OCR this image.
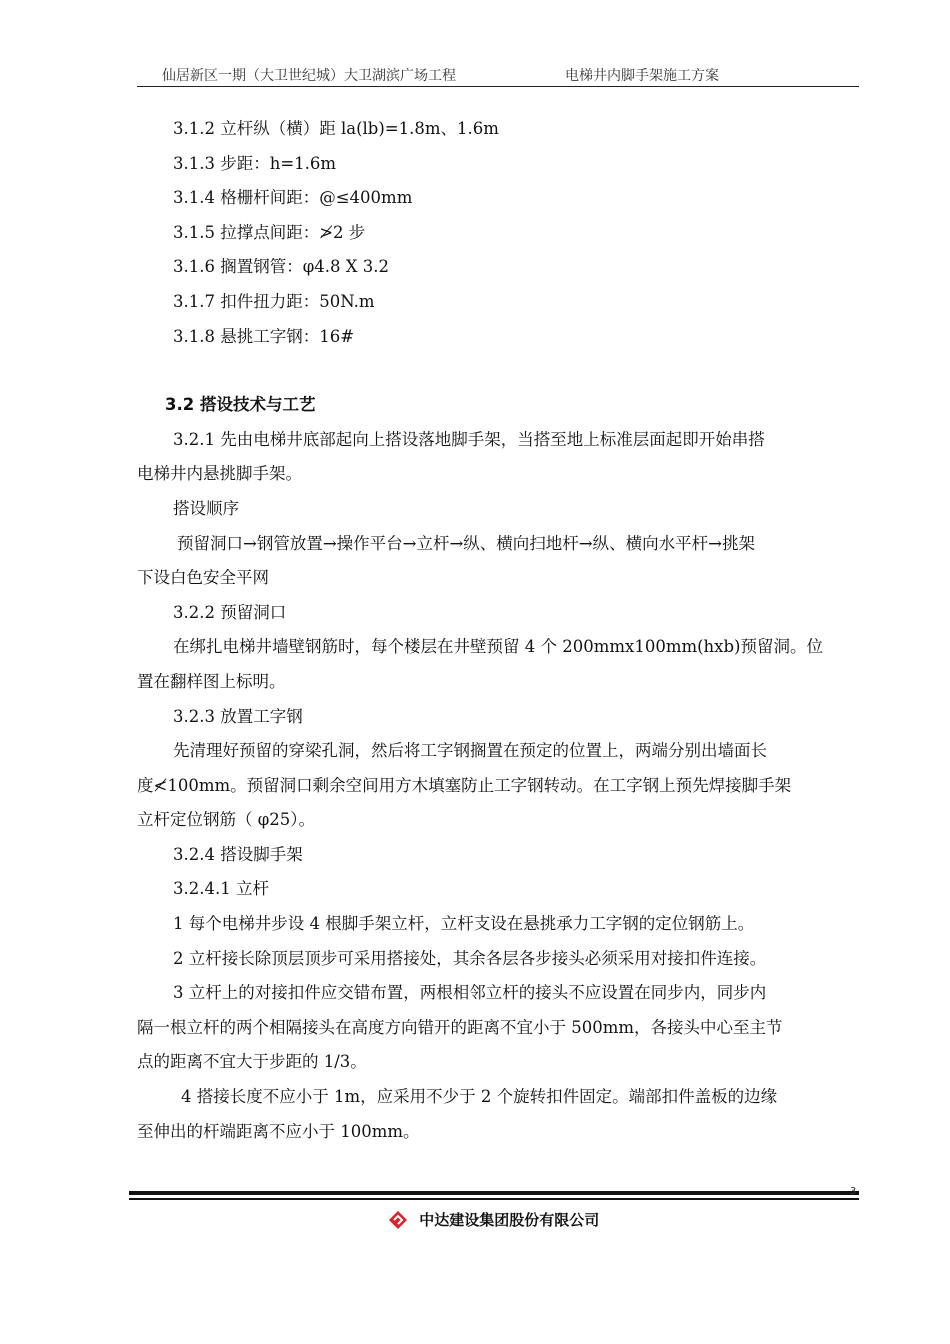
仙居新区一期（大卫世纪城）大卫湖滨广场工程	电梯井内脚手架施工方案
3.1.2 立杆纵（横）距 la(lb)=1.8m、1.6m
3.1.3 步距：h=1.6m
3.1.4 格栅杆间距：@≤400mm
3.1.5 拉撑点间距：≯2 步
3.1.6 搁置钢管：φ4.8 X 3.2
3.1.7 扣件扭力距：50N.m
3.1.8 悬挑工字钢：16#
3.2 搭设技术与工艺
3.2.1 先由电梯井底部起向上搭设落地脚手架，当搭至地上标准层面起即开始串搭
电梯井内悬挑脚手架。
搭设顺序
预留洞口→钢管放置→操作平台→立杆→纵、横向扫地杆→纵、横向水平杆→挑架
下设白色安全平网
3.2.2 预留洞口
在绑扎电梯井墙壁钢筋时，每个楼层在井壁预留 4 个 200mmx100mm(hxb)预留洞。位
置在翻样图上标明。
3.2.3 放置工字钢
先清理好预留的穿梁孔洞，然后将工字钢搁置在预定的位置上，两端分别出墙面长
度≮100mm。预留洞口剩余空间用方木填塞防止工字钢转动。在工字钢上预先焊接脚手架
立杆定位钢筋（ φ25）。
3.2.4 搭设脚手架
3.2.4.1 立杆
1 每个电梯井步设 4 根脚手架立杆，立杆支设在悬挑承力工字钢的定位钢筋上。
2 立杆接长除顶层顶步可采用搭接处，其余各层各步接头必须采用对接扣件连接。
3 立杆上的对接扣件应交错布置，两根相邻立杆的接头不应设置在同步内，同步内
隔一根立杆的两个相隔接头在高度方向错开的距离不宜小于 500mm，各接头中心至主节
点的距离不宜大于步距的 1/3。
4 搭接长度不应小于 1m，应采用不少于 2 个旋转扣件固定。端部扣件盖板的边缘
至伸出的杆端距离不应小于 100mm。
3
中达建设集团股份有限公司
